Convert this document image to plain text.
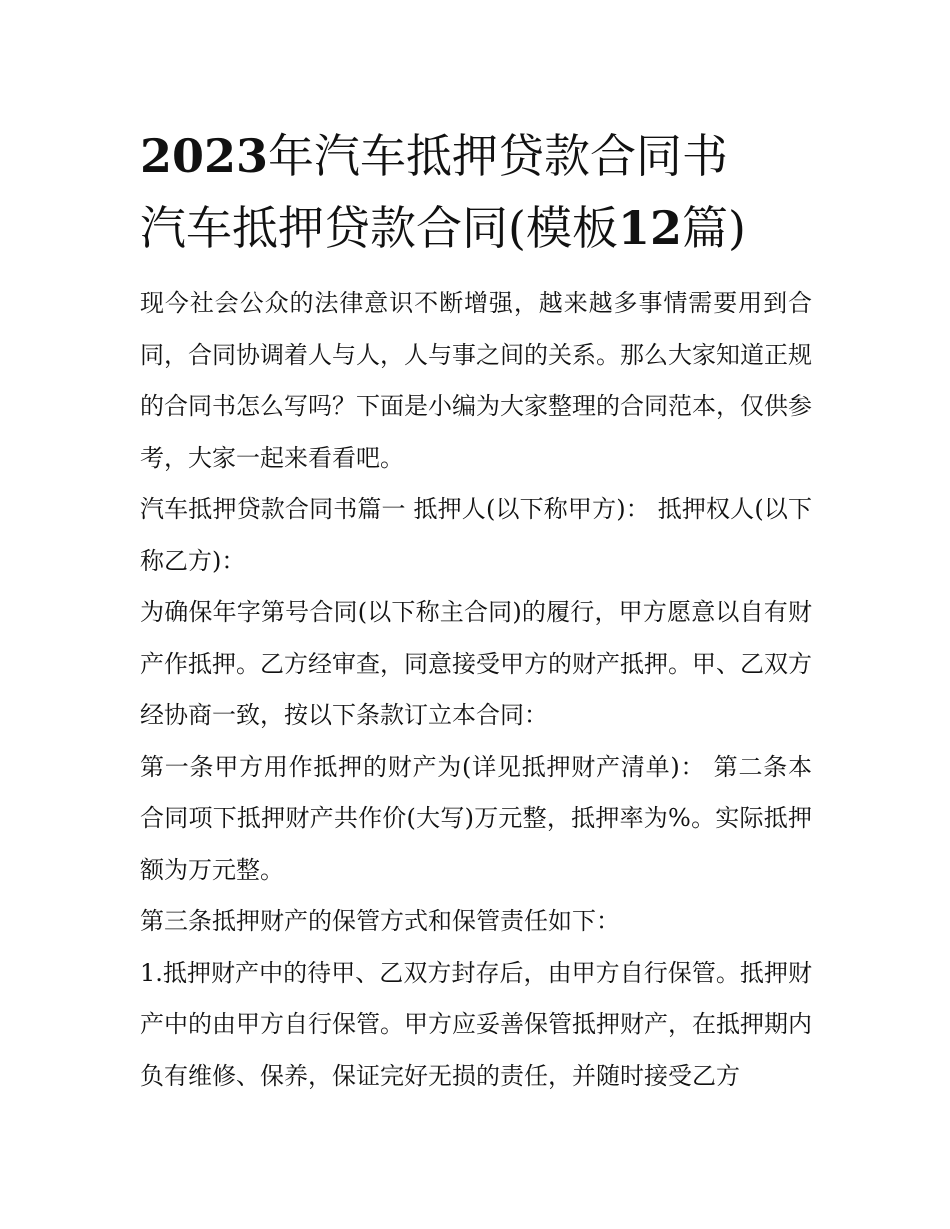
2023年汽车抵押贷款合同书
汽车抵押贷款合同(模板12篇)

现今社会公众的法律意识不断增强，越来越多事情需要用到合同，合同协调着人与人，人与事之间的关系。那么大家知道正规的合同书怎么写吗？下面是小编为大家整理的合同范本，仅供参考，大家一起来看看吧。

汽车抵押贷款合同书篇一 抵押人(以下称甲方)： 抵押权人(以下称乙方)：

为确保年字第号合同(以下称主合同)的履行，甲方愿意以自有财产作抵押。乙方经审查，同意接受甲方的财产抵押。甲、乙双方经协商一致，按以下条款订立本合同：

第一条甲方用作抵押的财产为(详见抵押财产清单)： 第二条本合同项下抵押财产共作价(大写)万元整，抵押率为%。实际抵押额为万元整。

第三条抵押财产的保管方式和保管责任如下：

1.抵押财产中的待甲、乙双方封存后，由甲方自行保管。抵押财产中的由甲方自行保管。甲方应妥善保管抵押财产，在抵押期内负有维修、保养，保证完好无损的责任，并随时接受乙方
